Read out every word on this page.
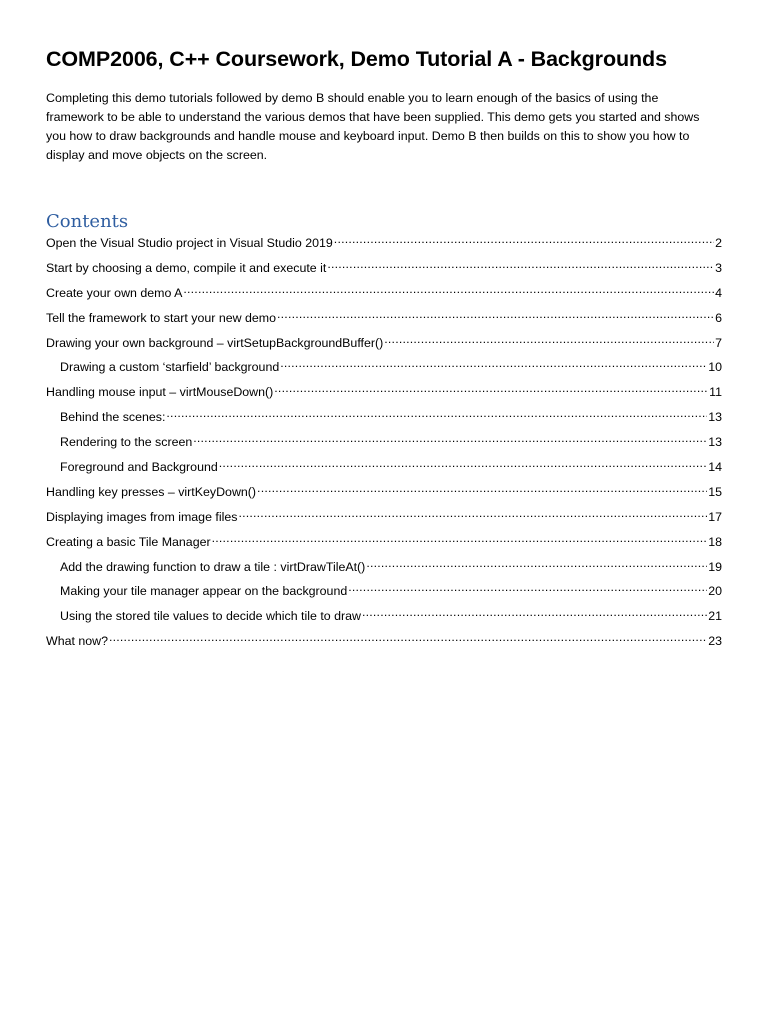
COMP2006, C++ Coursework, Demo Tutorial A - Backgrounds

Completing this demo tutorials followed by demo B should enable you to learn enough of the basics of using the framework to be able to understand the various demos that have been supplied. This demo gets you started and shows you how to draw backgrounds and handle mouse and keyboard input. Demo B then builds on this to show you how to display and move objects on the screen.

Contents
Open the Visual Studio project in Visual Studio 2019 .....	2
Start by choosing a demo, compile it and execute it .....	3
Create your own demo A .....	4
Tell the framework to start your new demo .....	6
Drawing your own background – virtSetupBackgroundBuffer() .....	7
Drawing a custom ‘starfield’ background .....	10
Handling mouse input – virtMouseDown() .....	11
Behind the scenes: .....	13
Rendering to the screen .....	13
Foreground and Background .....	14
Handling key presses – virtKeyDown() .....	15
Displaying images from image files .....	17
Creating a basic Tile Manager .....	18
Add the drawing function to draw a tile : virtDrawTileAt() .....	19
Making your tile manager appear on the background .....	20
Using the stored tile values to decide which tile to draw .....	21
What now? .....	23
